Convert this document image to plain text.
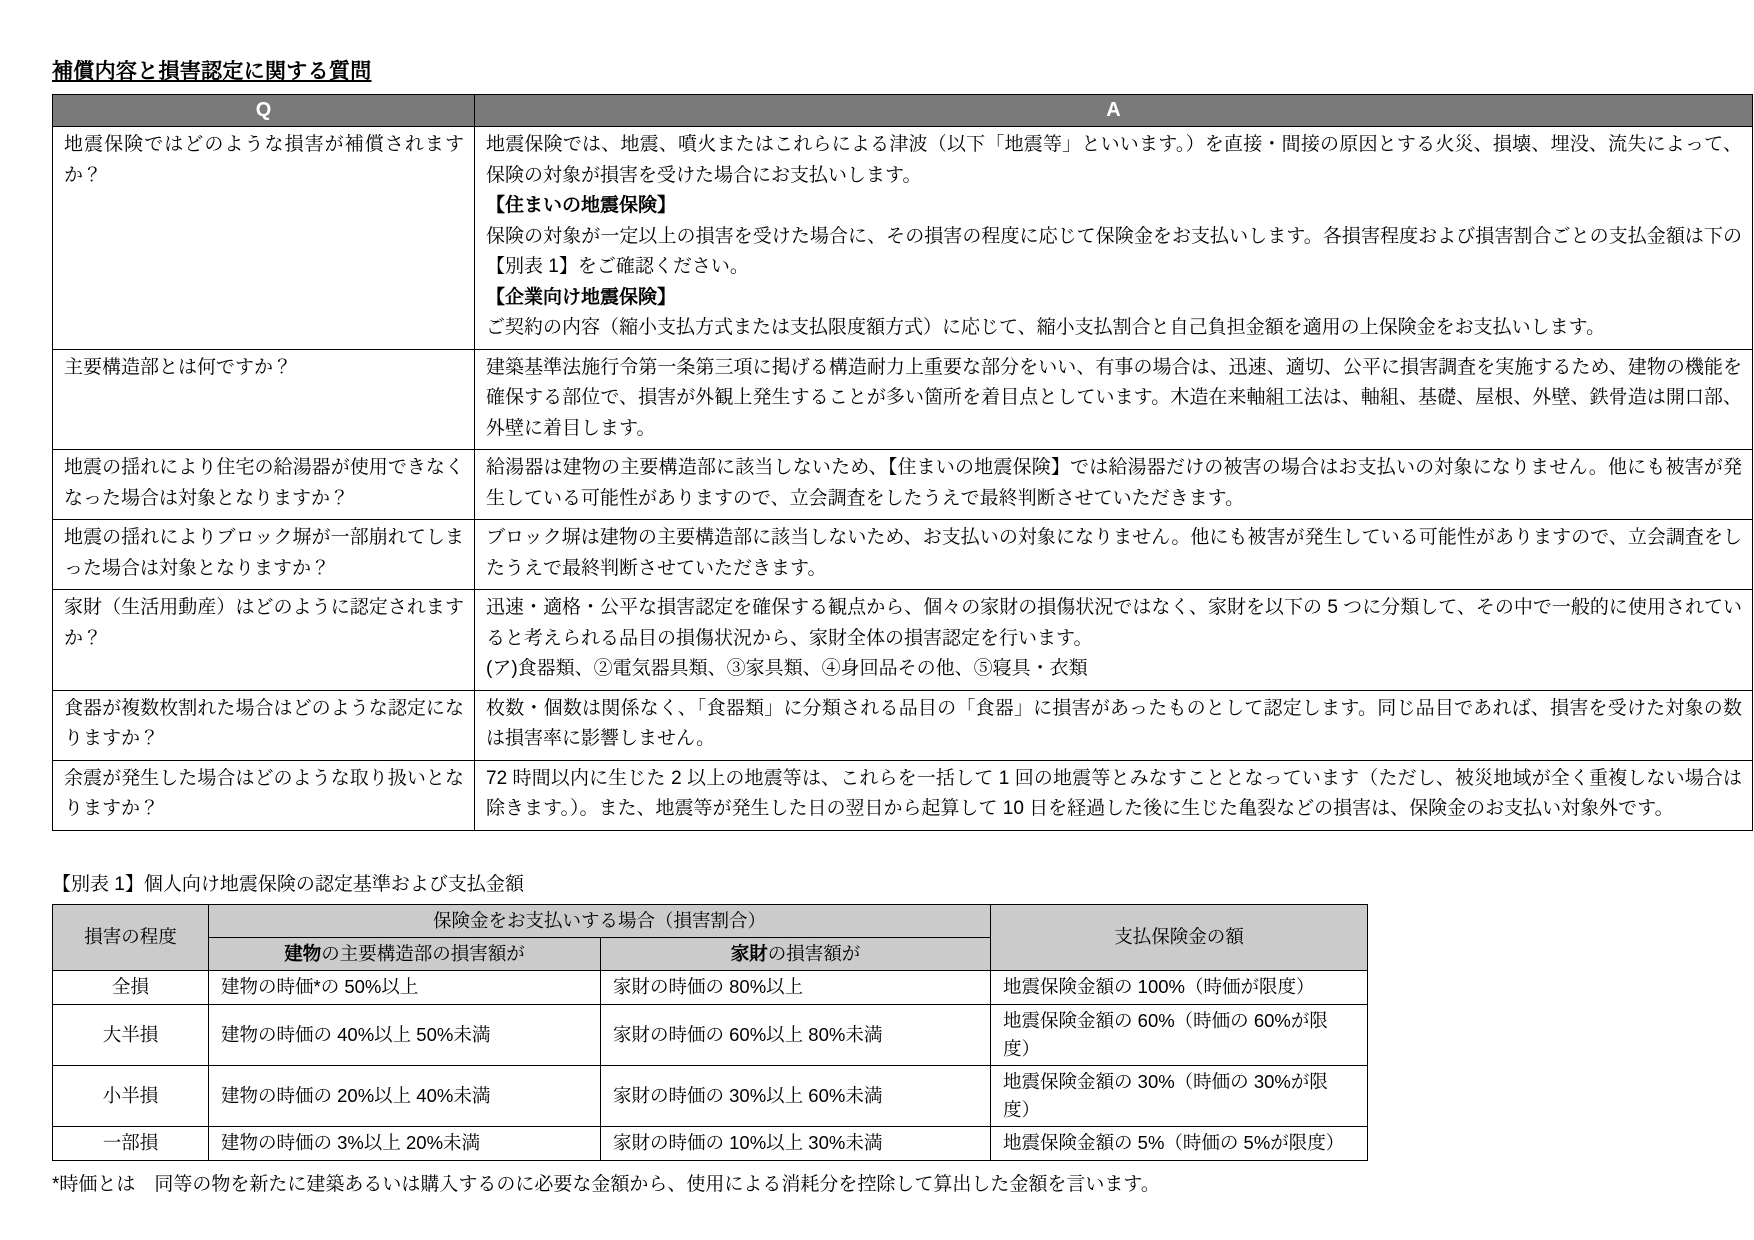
補償内容と損害認定に関する質問
Q	A

地震保険ではどのような損害が補償されますか？	地震保険では、地震、噴火またはこれらによる津波（以下「地震等」といいます。）を直接・間接の原因とする火災、損壊、埋没、流失によって、保険の対象が損害を受けた場合にお支払いします。

【住まいの地震保険】

保険の対象が一定以上の損害を受けた場合に、その損害の程度に応じて保険金をお支払いします。各損害程度および損害割合ごとの支払金額は下の【別表 1】をご確認ください。

【企業向け地震保険】

ご契約の内容（縮小支払方式または支払限度額方式）に応じて、縮小支払割合と自己負担金額を適用の上保険金をお支払いします。

主要構造部とは何ですか？	建築基準法施行令第一条第三項に掲げる構造耐力上重要な部分をいい、有事の場合は、迅速、適切、公平に損害調査を実施するため、建物の機能を確保する部位で、損害が外観上発生することが多い箇所を着目点としています。木造在来軸組工法は、軸組、基礎、屋根、外壁、鉄骨造は開口部、外壁に着目します。

地震の揺れにより住宅の給湯器が使用できなくなった場合は対象となりますか？	給湯器は建物の主要構造部に該当しないため、【住まいの地震保険】では給湯器だけの被害の場合はお支払いの対象になりません。他にも被害が発生している可能性がありますので、立会調査をしたうえで最終判断させていただきます。

地震の揺れによりブロック塀が一部崩れてしまった場合は対象となりますか？	ブロック塀は建物の主要構造部に該当しないため、お支払いの対象になりません。他にも被害が発生している可能性がありますので、立会調査をしたうえで最終判断させていただきます。

家財（生活用動産）はどのように認定されますか？	迅速・適格・公平な損害認定を確保する観点から、個々の家財の損傷状況ではなく、家財を以下の 5 つに分類して、その中で一般的に使用されていると考えられる品目の損傷状況から、家財全体の損害認定を行います。

(ア)食器類、②電気器具類、③家具類、④身回品その他、⑤寝具・衣類

食器が複数枚割れた場合はどのような認定になりますか？	枚数・個数は関係なく、「食器類」に分類される品目の「食器」に損害があったものとして認定します。同じ品目であれば、損害を受けた対象の数は損害率に影響しません。

余震が発生した場合はどのような取り扱いとなりますか？	72 時間以内に生じた 2 以上の地震等は、これらを一括して 1 回の地震等とみなすこととなっています（ただし、被災地域が全く重複しない場合は除きます。）。また、地震等が発生した日の翌日から起算して 10 日を経過した後に生じた亀裂などの損害は、保険金のお支払い対象外です。

【別表 1】個人向け地震保険の認定基準および支払金額

損害の程度	保険金をお支払いする場合（損害割合）		支払保険金の額
	建物の主要構造部の損害額が	家財の損害額が	
全損	建物の時価*の 50%以上	家財の時価の 80%以上	地震保険金額の 100%（時価が限度）
大半損	建物の時価の 40%以上 50%未満	家財の時価の 60%以上 80%未満	地震保険金額の 60%（時価の 60%が限度）
小半損	建物の時価の 20%以上 40%未満	家財の時価の 30%以上 60%未満	地震保険金額の 30%（時価の 30%が限度）
一部損	建物の時価の 3%以上 20%未満	家財の時価の 10%以上 30%未満	地震保険金額の 5%（時価の 5%が限度）

*時価とは　同等の物を新たに建築あるいは購入するのに必要な金額から、使用による消耗分を控除して算出した金額を言います。
